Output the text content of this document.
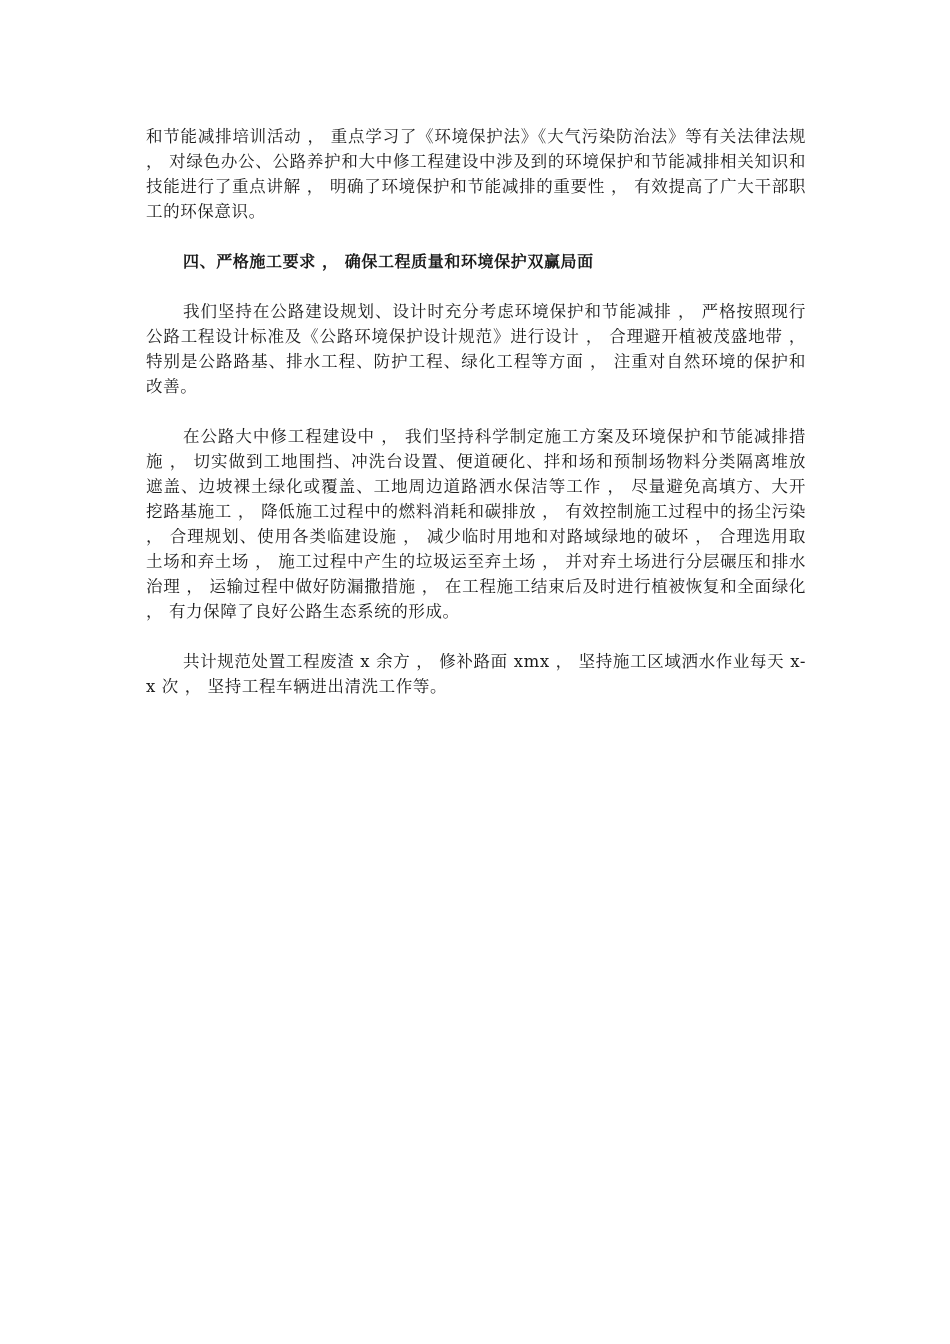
和节能减排培训活动 ， 重点学习了《环境保护法》《大气污染防治法》等有关法律法规 ， 对绿色办公、公路养护和大中修工程建设中涉及到的环境保护和节能减排相关知识和技能进行了重点讲解 ， 明确了环境保护和节能减排的重要性 ， 有效提高了广大干部职工的环保意识。

四、严格施工要求 ， 确保工程质量和环境保护双赢局面

我们坚持在公路建设规划、设计时充分考虑环境保护和节能减排 ， 严格按照现行公路工程设计标准及《公路环境保护设计规范》进行设计 ， 合理避开植被茂盛地带 ， 特别是公路路基、排水工程、防护工程、绿化工程等方面 ， 注重对自然环境的保护和改善。

在公路大中修工程建设中 ， 我们坚持科学制定施工方案及环境保护和节能减排措施 ， 切实做到工地围挡、冲洗台设置、便道硬化、拌和场和预制场物料分类隔离堆放遮盖、边坡裸土绿化或覆盖、工地周边道路洒水保洁等工作 ， 尽量避免高填方、大开挖路基施工 ， 降低施工过程中的燃料消耗和碳排放 ， 有效控制施工过程中的扬尘污染 ， 合理规划、使用各类临建设施 ， 减少临时用地和对路域绿地的破坏 ， 合理选用取土场和弃土场 ， 施工过程中产生的垃圾运至弃土场 ， 并对弃土场进行分层碾压和排水治理 ， 运输过程中做好防漏撒措施 ， 在工程施工结束后及时进行植被恢复和全面绿化 ， 有力保障了良好公路生态系统的形成。

共计规范处置工程废渣 x 余方 ， 修补路面 xmx ， 坚持施工区域洒水作业每天 x-x 次 ， 坚持工程车辆进出清洗工作等。
